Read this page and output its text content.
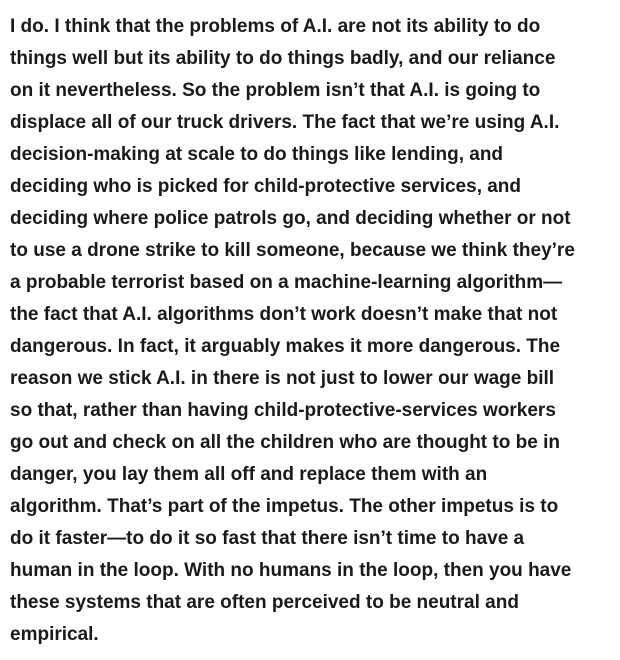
I do. I think that the problems of A.I. are not its ability to do
things well but its ability to do things badly, and our reliance
on it nevertheless. So the problem isn’t that A.I. is going to
displace all of our truck drivers. The fact that we’re using A.I.
decision-making at scale to do things like lending, and
deciding who is picked for child-protective services, and
deciding where police patrols go, and deciding whether or not
to use a drone strike to kill someone, because we think they’re
a probable terrorist based on a machine-learning algorithm—
the fact that A.I. algorithms don’t work doesn’t make that not
dangerous. In fact, it arguably makes it more dangerous. The
reason we stick A.I. in there is not just to lower our wage bill
so that, rather than having child-protective-services workers
go out and check on all the children who are thought to be in
danger, you lay them all off and replace them with an
algorithm. That’s part of the impetus. The other impetus is to
do it faster—to do it so fast that there isn’t time to have a
human in the loop. With no humans in the loop, then you have
these systems that are often perceived to be neutral and
empirical.
